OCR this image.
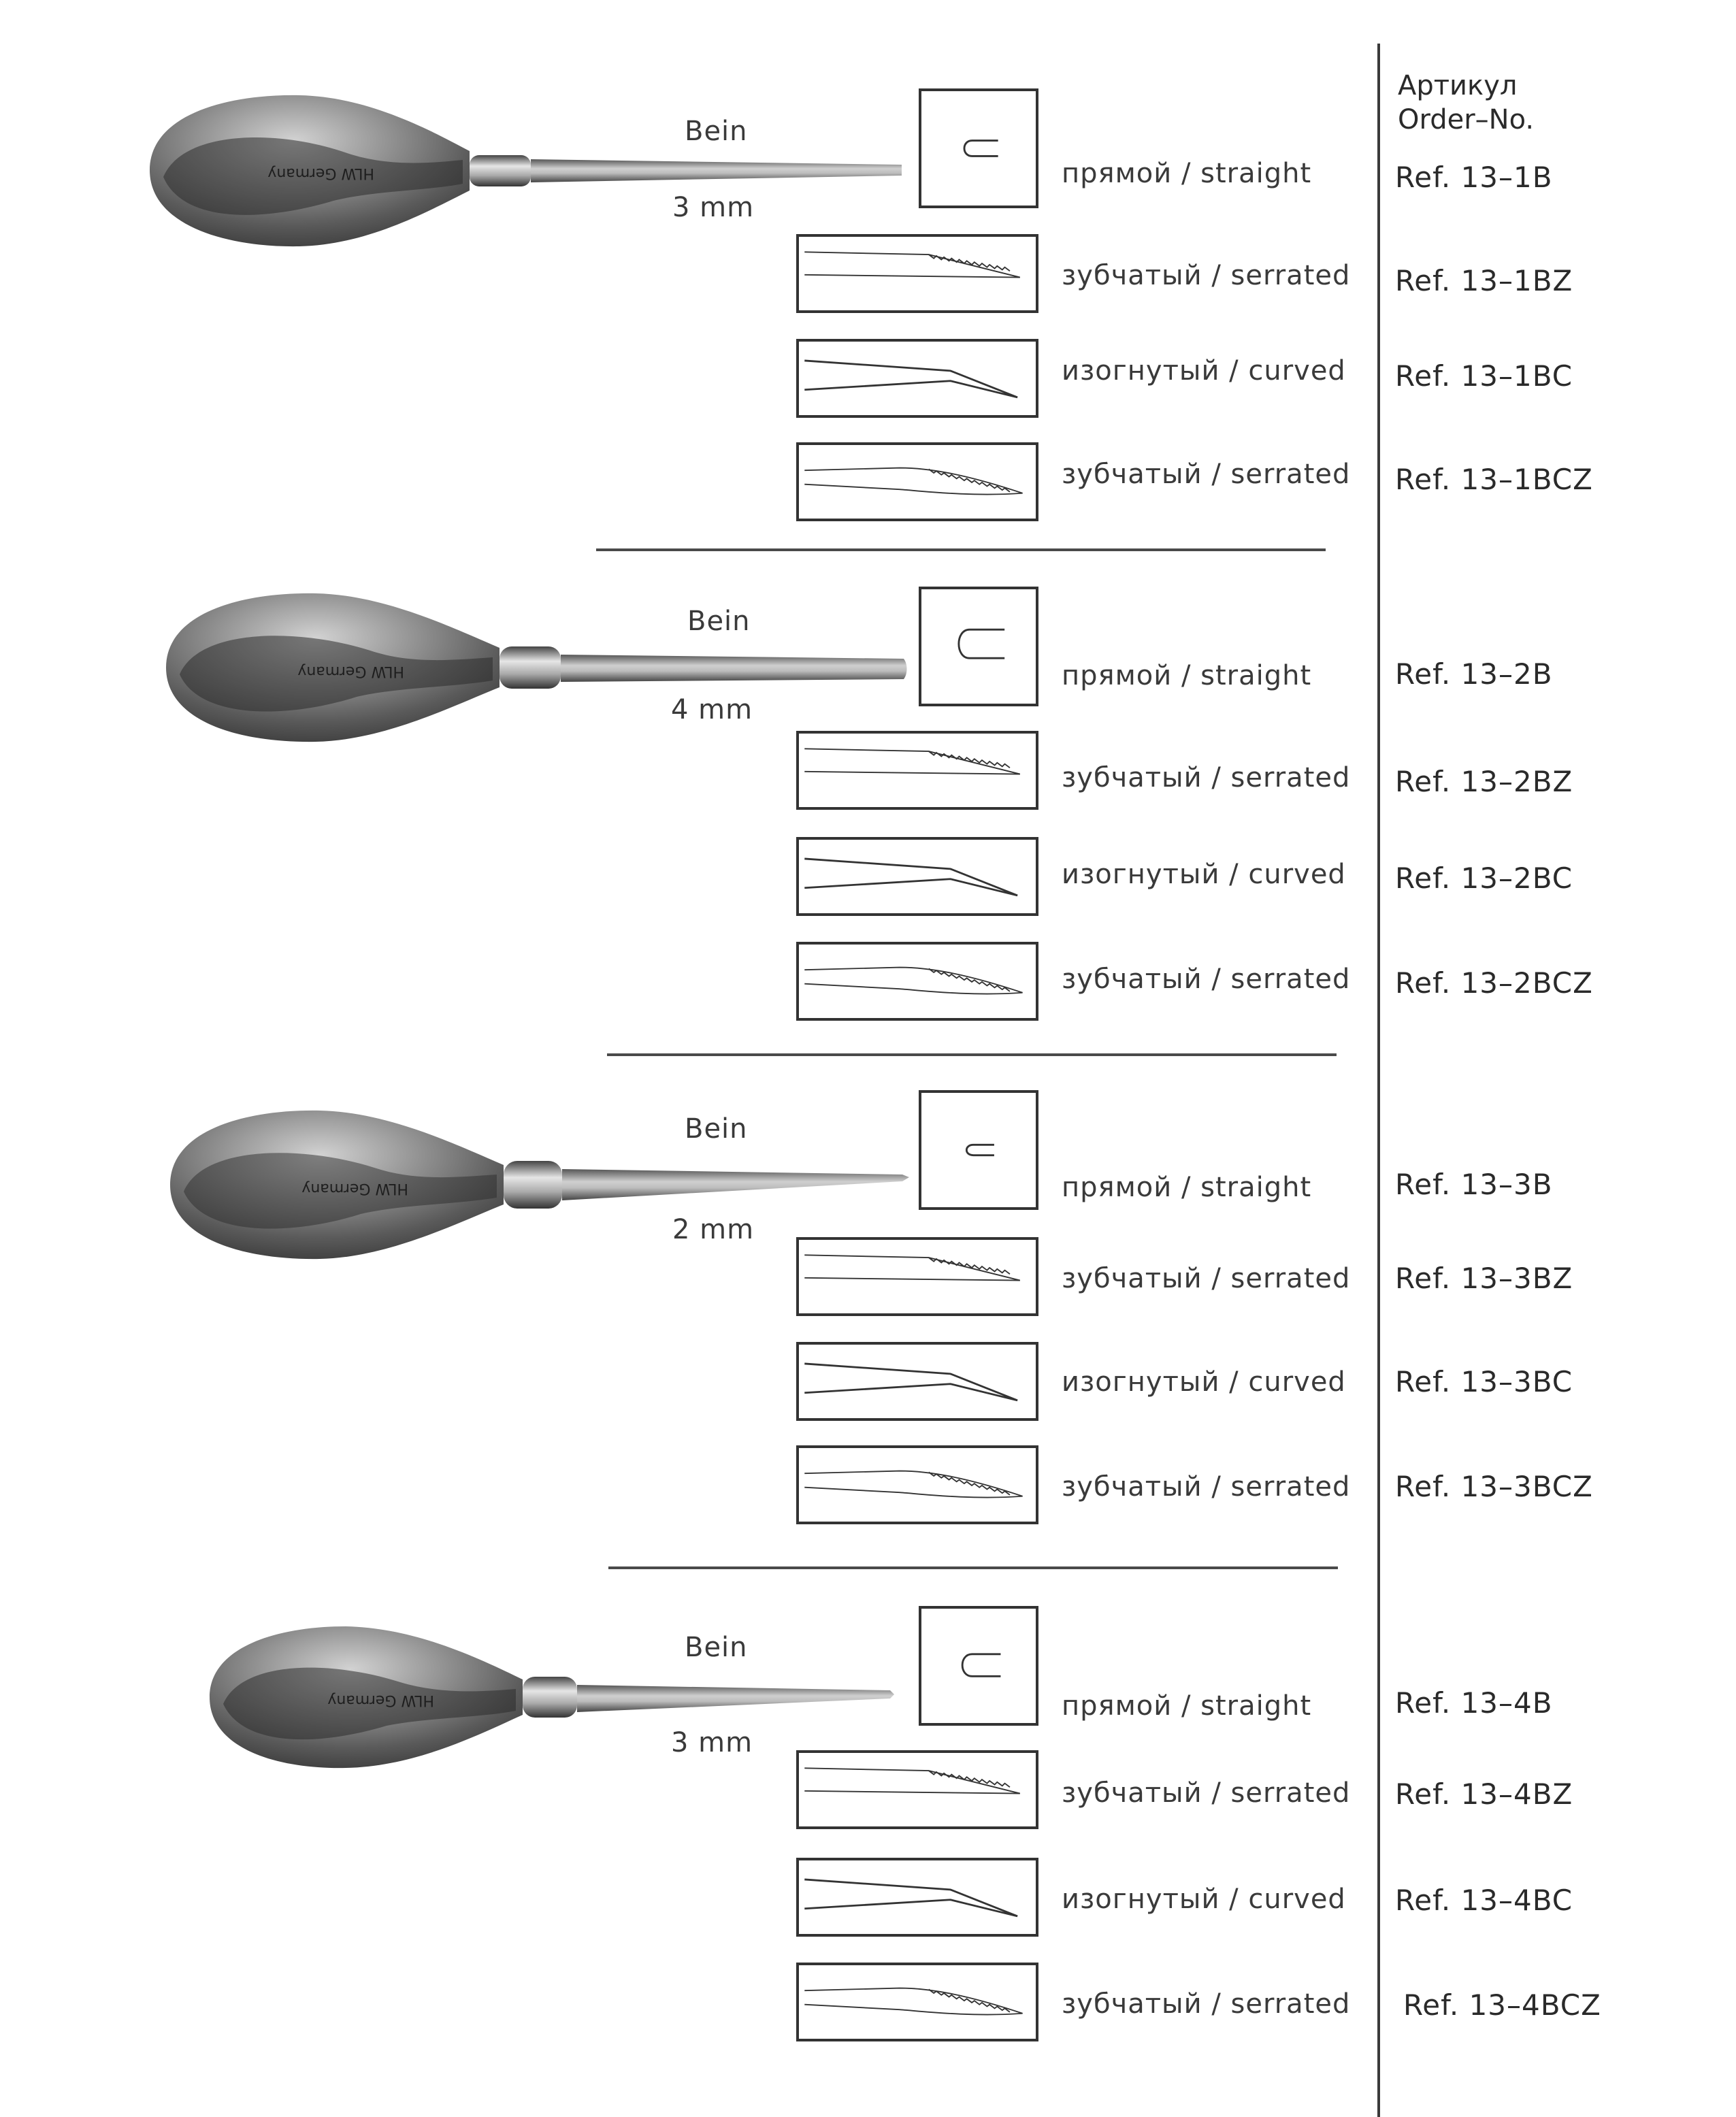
Артикул
Order–No.
HLW Germany
Bein
3 mm
прямой / straight
зубчатый / serrated
изогнутый / curved
зубчатый / serrated
Ref. 13–1B
Ref. 13–1BZ
Ref. 13–1BC
Ref. 13–1BCZ
HLW Germany
Bein
4 mm
прямой / straight
зубчатый / serrated
изогнутый / curved
зубчатый / serrated
Ref. 13–2B
Ref. 13–2BZ
Ref. 13–2BC
Ref. 13–2BCZ
HLW Germany
Bein
2 mm
прямой / straight
зубчатый / serrated
изогнутый / curved
зубчатый / serrated
Ref. 13–3B
Ref. 13–3BZ
Ref. 13–3BC
Ref. 13–3BCZ
HLW Germany
Bein
3 mm
прямой / straight
зубчатый / serrated
изогнутый / curved
зубчатый / serrated
Ref. 13–4B
Ref. 13–4BZ
Ref. 13–4BC
Ref. 13–4BCZ
